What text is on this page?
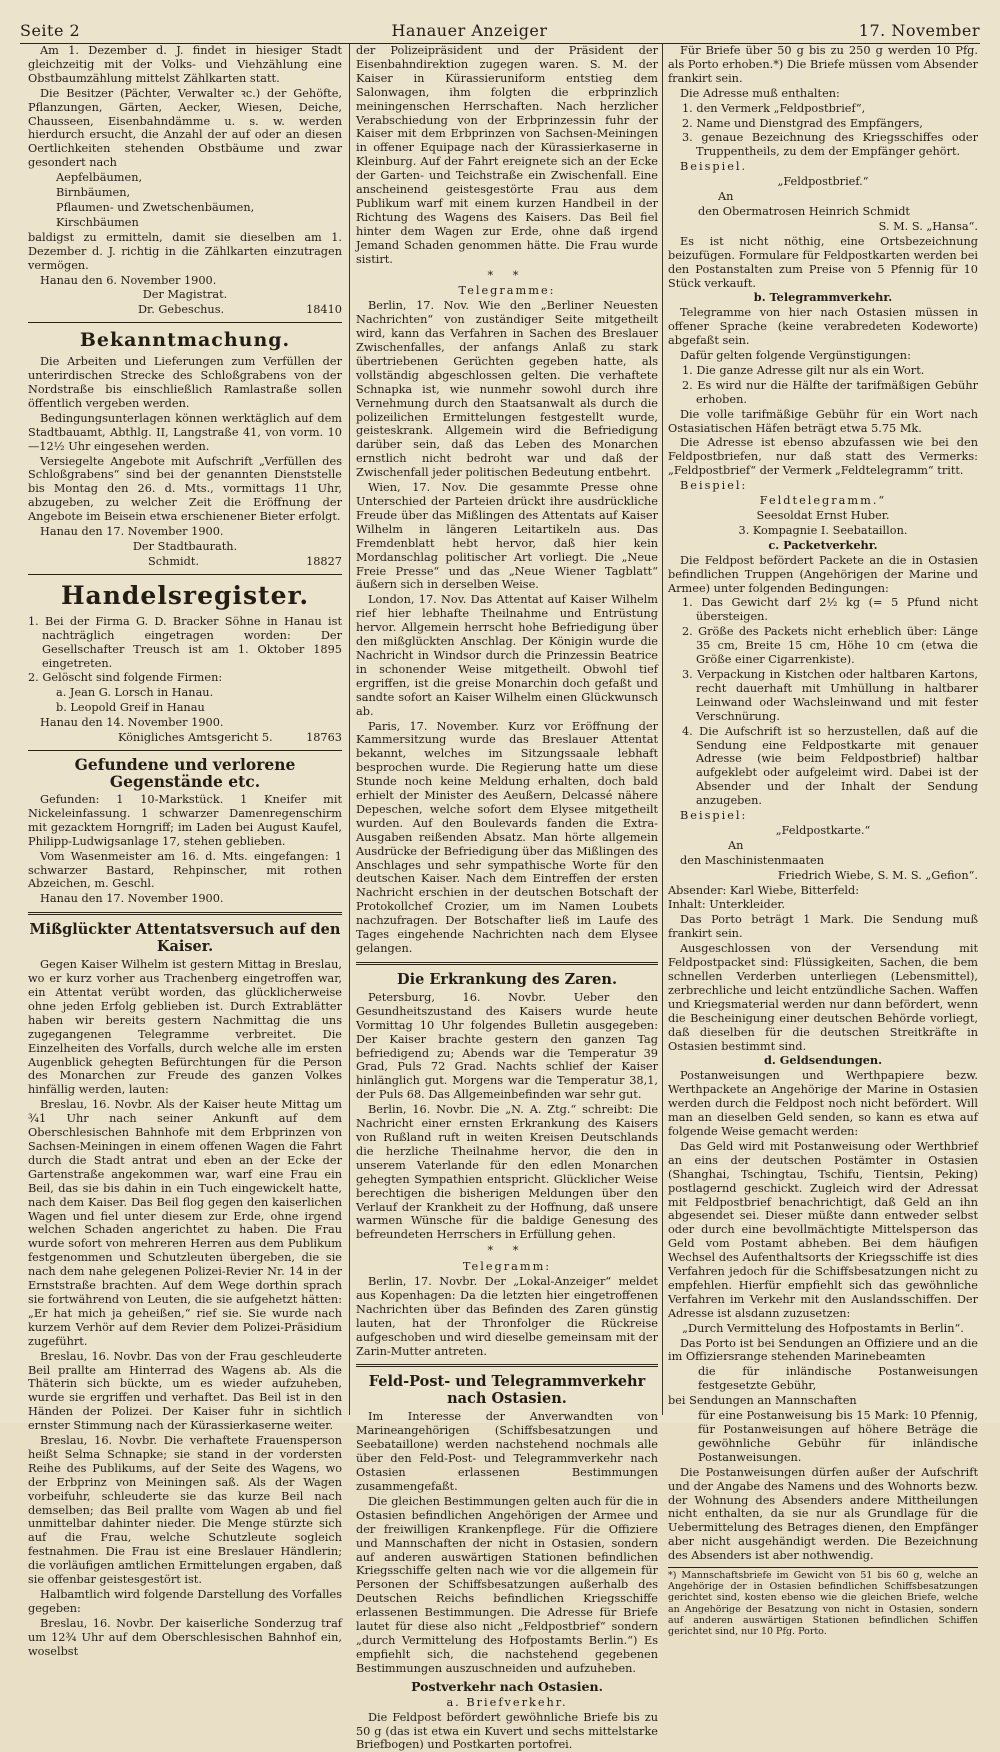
Seite 2	Hanauer Anzeiger	17. November

Am 1. Dezember d. J. findet in hiesiger Stadt gleichzeitig mit der Volks- und Viehzählung eine Obstbaumzählung mittelst Zählkarten statt.

Die Besitzer (Pächter, Verwalter ꝛc.) der Gehöfte, Pflanzungen, Gärten, Aecker, Wiesen, Deiche, Chausseen, Eisenbahndämme u. s. w. werden hierdurch ersucht, die Anzahl der auf oder an diesen Oertlichkeiten stehenden Obstbäume und zwar gesondert nach

Aepfelbäumen,

Birnbäumen,

Pflaumen- und Zwetschenbäumen,

Kirschbäumen

baldigst zu ermitteln, damit sie dieselben am 1. Dezember d. J. richtig in die Zählkarten einzutragen vermögen.

Hanau den 6. November 1900.

Der Magistrat.

Dr. Gebeschus.	18410
Bekanntmachung.

Die Arbeiten und Lieferungen zum Verfüllen der unterirdischen Strecke des Schloßgrabens von der Nordstraße bis einschließlich Ramlastraße sollen öffentlich vergeben werden.

Bedingungsunterlagen können werktäglich auf dem Stadtbauamt, Abthlg. II, Langstraße 41, von vorm. 10—12½ Uhr eingesehen werden.

Versiegelte Angebote mit Aufschrift „Verfüllen des Schloßgrabens“ sind bei der genannten Dienststelle bis Montag den 26. d. Mts., vormittags 11 Uhr, abzugeben, zu welcher Zeit die Eröffnung der Angebote im Beisein etwa erschienener Bieter erfolgt.

Hanau den 17. November 1900.

Der Stadtbaurath.

Schmidt.	18827
Handelsregister.

1. Bei der Firma G. D. Bracker Söhne in Hanau ist nachträglich eingetragen worden: Der Gesellschafter Treusch ist am 1. Oktober 1895 eingetreten.

2. Gelöscht sind folgende Firmen:

a. Jean G. Lorsch in Hanau.

b. Leopold Greif in Hanau

Hanau den 14. November 1900.

Königliches Amtsgericht 5.	18763
Gefundene und verlorene Gegenstände etc.

Gefunden: 1 10-Markstück. 1 Kneifer mit Nickeleinfassung. 1 schwarzer Damenregenschirm mit gezacktem Horngriff; im Laden bei August Kaufel, Philipp-Ludwigsanlage 17, stehen geblieben.

Vom Wasenmeister am 16. d. Mts. eingefangen: 1 schwarzer Bastard, Rehpinscher, mit rothen Abzeichen, m. Geschl.

Hanau den 17. November 1900.

Mißglückter Attentatsversuch auf den Kaiser.

Gegen Kaiser Wilhelm ist gestern Mittag in Breslau, wo er kurz vorher aus Trachenberg eingetroffen war, ein Attentat verübt worden, das glücklicherweise ohne jeden Erfolg geblieben ist. Durch Extrablätter haben wir bereits gestern Nachmittag die uns zugegangenen Telegramme verbreitet. Die Einzelheiten des Vorfalls, durch welche alle im ersten Augenblick gehegten Befürchtungen für die Person des Monarchen zur Freude des ganzen Volkes hinfällig werden, lauten:

Breslau, 16. Novbr. Als der Kaiser heute Mittag um ¾1 Uhr nach seiner Ankunft auf dem Oberschlesischen Bahnhofe mit dem Erbprinzen von Sachsen-Meiningen in einem offenen Wagen die Fahrt durch die Stadt antrat und eben an der Ecke der Gartenstraße angekommen war, warf eine Frau ein Beil, das sie bis dahin in ein Tuch eingewickelt hatte, nach dem Kaiser. Das Beil flog gegen den kaiserlichen Wagen und fiel unter diesem zur Erde, ohne irgend welchen Schaden angerichtet zu haben. Die Frau wurde sofort von mehreren Herren aus dem Publikum festgenommen und Schutzleuten übergeben, die sie nach dem nahe gelegenen Polizei-Revier Nr. 14 in der Ernststraße brachten. Auf dem Wege dorthin sprach sie fortwährend von Leuten, die sie aufgehetzt hätten: „Er hat mich ja geheißen,“ rief sie. Sie wurde nach kurzem Verhör auf dem Revier dem Polizei-Präsidium zugeführt.

Breslau, 16. Novbr. Das von der Frau geschleuderte Beil prallte am Hinterrad des Wagens ab. Als die Thäterin sich bückte, um es wieder aufzuheben, wurde sie ergriffen und verhaftet. Das Beil ist in den Händen der Polizei. Der Kaiser fuhr in sichtlich ernster Stimmung nach der Kürassierkaserne weiter.

Breslau, 16. Novbr. Die verhaftete Frauensperson heißt Selma Schnapke; sie stand in der vordersten Reihe des Publikums, auf der Seite des Wagens, wo der Erbprinz von Meiningen saß. Als der Wagen vorbeifuhr, schleuderte sie das kurze Beil nach demselben; das Beil prallte vom Wagen ab und fiel unmittelbar dahinter nieder. Die Menge stürzte sich auf die Frau, welche Schutzleute sogleich festnahmen. Die Frau ist eine Breslauer Händlerin; die vorläufigen amtlichen Ermittelungen ergaben, daß sie offenbar geistesgestört ist.

Halbamtlich wird folgende Darstellung des Vorfalles gegeben:

Breslau, 16. Novbr. Der kaiserliche Sonderzug traf um 12¾ Uhr auf dem Oberschlesischen Bahnhof ein, woselbst

der Polizeipräsident und der Präsident der Eisenbahndirektion zugegen waren. S. M. der Kaiser in Kürassieruniform entstieg dem Salonwagen, ihm folgten die erbprinzlich meiningenschen Herrschaften. Nach herzlicher Verabschiedung von der Erbprinzessin fuhr der Kaiser mit dem Erbprinzen von Sachsen-Meiningen in offener Equipage nach der Kürassierkaserne in Kleinburg. Auf der Fahrt ereignete sich an der Ecke der Garten- und Teichstraße ein Zwischenfall. Eine anscheinend geistesgestörte Frau aus dem Publikum warf mit einem kurzen Handbeil in der Richtung des Wagens des Kaisers. Das Beil fiel hinter dem Wagen zur Erde, ohne daß irgend Jemand Schaden genommen hätte. Die Frau wurde sistirt.

* *

Telegramme:

Berlin, 17. Nov. Wie den „Berliner Neuesten Nachrichten“ von zuständiger Seite mitgetheilt wird, kann das Verfahren in Sachen des Breslauer Zwischenfalles, der anfangs Anlaß zu stark übertriebenen Gerüchten gegeben hatte, als vollständig abgeschlossen gelten. Die verhaftete Schnapka ist, wie nunmehr sowohl durch ihre Vernehmung durch den Staatsanwalt als durch die polizeilichen Ermittelungen festgestellt wurde, geisteskrank. Allgemein wird die Befriedigung darüber sein, daß das Leben des Monarchen ernstlich nicht bedroht war und daß der Zwischenfall jeder politischen Bedeutung entbehrt.

Wien, 17. Nov. Die gesammte Presse ohne Unterschied der Parteien drückt ihre ausdrückliche Freude über das Mißlingen des Attentats auf Kaiser Wilhelm in längeren Leitartikeln aus. Das Fremdenblatt hebt hervor, daß hier kein Mordanschlag politischer Art vorliegt. Die „Neue Freie Presse“ und das „Neue Wiener Tagblatt“ äußern sich in derselben Weise.

London, 17. Nov. Das Attentat auf Kaiser Wilhelm rief hier lebhafte Theilnahme und Entrüstung hervor. Allgemein herrscht hohe Befriedigung über den mißglückten Anschlag. Der Königin wurde die Nachricht in Windsor durch die Prinzessin Beatrice in schonender Weise mitgetheilt. Obwohl tief ergriffen, ist die greise Monarchin doch gefaßt und sandte sofort an Kaiser Wilhelm einen Glückwunsch ab.

Paris, 17. November. Kurz vor Eröffnung der Kammersitzung wurde das Breslauer Attentat bekannt, welches im Sitzungssaale lebhaft besprochen wurde. Die Regierung hatte um diese Stunde noch keine Meldung erhalten, doch bald erhielt der Minister des Aeußern, Delcassé nähere Depeschen, welche sofort dem Elysee mitgetheilt wurden. Auf den Boulevards fanden die Extra-Ausgaben reißenden Absatz. Man hörte allgemein Ausdrücke der Befriedigung über das Mißlingen des Anschlages und sehr sympathische Worte für den deutschen Kaiser. Nach dem Eintreffen der ersten Nachricht erschien in der deutschen Botschaft der Protokollchef Crozier, um im Namen Loubets nachzufragen. Der Botschafter ließ im Laufe des Tages eingehende Nachrichten nach dem Elysee gelangen.

Die Erkrankung des Zaren.

Petersburg, 16. Novbr. Ueber den Gesundheitszustand des Kaisers wurde heute Vormittag 10 Uhr folgendes Bulletin ausgegeben: Der Kaiser brachte gestern den ganzen Tag befriedigend zu; Abends war die Temperatur 39 Grad, Puls 72 Grad. Nachts schlief der Kaiser hinlänglich gut. Morgens war die Temperatur 38,1, der Puls 68. Das Allgemeinbefinden war sehr gut.

Berlin, 16. Novbr. Die „N. A. Ztg.“ schreibt: Die Nachricht einer ernsten Erkrankung des Kaisers von Rußland ruft in weiten Kreisen Deutschlands die herzliche Theilnahme hervor, die den in unserem Vaterlande für den edlen Monarchen gehegten Sympathien entspricht. Glücklicher Weise berechtigen die bisherigen Meldungen über den Verlauf der Krankheit zu der Hoffnung, daß unsere warmen Wünsche für die baldige Genesung des befreundeten Herrschers in Erfüllung gehen.

* *

Telegramm:

Berlin, 17. Novbr. Der „Lokal-Anzeiger“ meldet aus Kopenhagen: Da die letzten hier eingetroffenen Nachrichten über das Befinden des Zaren günstig lauten, hat der Thronfolger die Rückreise aufgeschoben und wird dieselbe gemeinsam mit der Zarin-Mutter antreten.

Feld-Post- und Telegrammverkehr nach Ostasien.

Im Interesse der Anverwandten von Marineangehörigen (Schiffsbesatzungen und Seebataillone) werden nachstehend nochmals alle über den Feld-Post- und Telegrammverkehr nach Ostasien erlassenen Bestimmungen zusammengefaßt.

Die gleichen Bestimmungen gelten auch für die in Ostasien befindlichen Angehörigen der Armee und der freiwilligen Krankenpflege. Für die Offiziere und Mannschaften der nicht in Ostasien, sondern auf anderen auswärtigen Stationen befindlichen Kriegsschiffe gelten nach wie vor die allgemein für Personen der Schiffsbesatzungen außerhalb des Deutschen Reichs befindlichen Kriegsschiffe erlassenen Bestimmungen. Die Adresse für Briefe lautet für diese also nicht „Feldpostbrief“ sondern „durch Vermittelung des Hofpostamts Berlin.“) Es empfiehlt sich, die nachstehend gegebenen Bestimmungen auszuschneiden und aufzuheben.

Postverkehr nach Ostasien.

a. Briefverkehr.

Die Feldpost befördert gewöhnliche Briefe bis zu 50 g (das ist etwa ein Kuvert und sechs mittelstarke Briefbogen) und Postkarten portofrei.

Für Briefe über 50 g bis zu 250 g werden 10 Pfg. als Porto erhoben.*) Die Briefe müssen vom Absender frankirt sein.

Die Adresse muß enthalten:

1. den Vermerk „Feldpostbrief“,

2. Name und Dienstgrad des Empfängers,

3. genaue Bezeichnung des Kriegsschiffes oder Truppentheils, zu dem der Empfänger gehört.

Beispiel.

„Feldpostbrief.“

An

den Obermatrosen Heinrich Schmidt

S. M. S. „Hansa“.

Es ist nicht nöthig, eine Ortsbezeichnung beizufügen. Formulare für Feldpostkarten werden bei den Postanstalten zum Preise von 5 Pfennig für 10 Stück verkauft.

b. Telegrammverkehr.

Telegramme von hier nach Ostasien müssen in offener Sprache (keine verabredeten Kodeworte) abgefaßt sein.

Dafür gelten folgende Vergünstigungen:

1. Die ganze Adresse gilt nur als ein Wort.

2. Es wird nur die Hälfte der tarifmäßigen Gebühr erhoben.

Die volle tarifmäßige Gebühr für ein Wort nach Ostasiatischen Häfen beträgt etwa 5.75 Mk.

Die Adresse ist ebenso abzufassen wie bei den Feldpostbriefen, nur daß statt des Vermerks: „Feldpostbrief“ der Vermerk „Feldtelegramm“ tritt.

Beispiel:

Feldtelegramm.“

Seesoldat Ernst Huber.

3. Kompagnie I. Seebataillon.

c. Packetverkehr.

Die Feldpost befördert Packete an die in Ostasien befindlichen Truppen (Angehörigen der Marine und Armee) unter folgenden Bedingungen:

1. Das Gewicht darf 2½ kg (= 5 Pfund nicht übersteigen.

2. Größe des Packets nicht erheblich über: Länge 35 cm, Breite 15 cm, Höhe 10 cm (etwa die Größe einer Cigarrenkiste).

3. Verpackung in Kistchen oder haltbaren Kartons, recht dauerhaft mit Umhüllung in haltbarer Leinwand oder Wachsleinwand und mit fester Verschnürung.

4. Die Aufschrift ist so herzustellen, daß auf die Sendung eine Feldpostkarte mit genauer Adresse (wie beim Feldpostbrief) haltbar aufgeklebt oder aufgeleimt wird. Dabei ist der Absender und der Inhalt der Sendung anzugeben.

Beispiel:

„Feldpostkarte.“

An

den Maschinistenmaaten

Friedrich Wiebe, S. M. S. „Gefion“.

Absender: Karl Wiebe, Bitterfeld:

Inhalt: Unterkleider.

Das Porto beträgt 1 Mark. Die Sendung muß frankirt sein.

Ausgeschlossen von der Versendung mit Feldpostpacket sind: Flüssigkeiten, Sachen, die bem schnellen Verderben unterliegen (Lebensmittel), zerbrechliche und leicht entzündliche Sachen. Waffen und Kriegsmaterial werden nur dann befördert, wenn die Bescheinigung einer deutschen Behörde vorliegt, daß dieselben für die deutschen Streitkräfte in Ostasien bestimmt sind.

d. Geldsendungen.

Postanweisungen und Werthpapiere bezw. Werthpackete an Angehörige der Marine in Ostasien werden durch die Feldpost noch nicht befördert. Will man an dieselben Geld senden, so kann es etwa auf folgende Weise gemacht werden:

Das Geld wird mit Postanweisung oder Werthbrief an eins der deutschen Postämter in Ostasien (Shanghai, Tschingtau, Tschifu, Tientsin, Peking) postlagernd geschickt. Zugleich wird der Adressat mit Feldpostbrief benachrichtigt, daß Geld an ihn abgesendet sei. Dieser müßte dann entweder selbst oder durch eine bevollmächtigte Mittelsperson das Geld vom Postamt abheben. Bei dem häufigen Wechsel des Aufenthaltsorts der Kriegsschiffe ist dies Verfahren jedoch für die Schiffsbesatzungen nicht zu empfehlen. Hierfür empfiehlt sich das gewöhnliche Verfahren im Verkehr mit den Auslandsschiffen. Der Adresse ist alsdann zuzusetzen:

„Durch Vermittelung des Hofpostamts in Berlin“.

Das Porto ist bei Sendungen an Offiziere und an die im Offiziersrange stehenden Marinebeamten

die für inländische Postanweisungen festgesetzte Gebühr,

bei Sendungen an Mannschaften

für eine Postanweisung bis 15 Mark: 10 Pfennig, für Postanweisungen auf höhere Beträge die gewöhnliche Gebühr für inländische Postanweisungen.

Die Postanweisungen dürfen außer der Aufschrift und der Angabe des Namens und des Wohnorts bezw. der Wohnung des Absenders andere Mittheilungen nicht enthalten, da sie nur als Grundlage für die Uebermittelung des Betrages dienen, den Empfänger aber nicht ausgehändigt werden. Die Bezeichnung des Absenders ist aber nothwendig.

*) Mannschaftsbriefe im Gewicht von 51 bis 60 g, welche an Angehörige der in Ostasien befindlichen Schiffsbesatzungen gerichtet sind, kosten ebenso wie die gleichen Briefe, welche an Angehörige der Besatzung von nicht in Ostasien, sondern auf anderen auswärtigen Stationen befindlichen Schiffen gerichtet sind, nur 10 Pfg. Porto.
